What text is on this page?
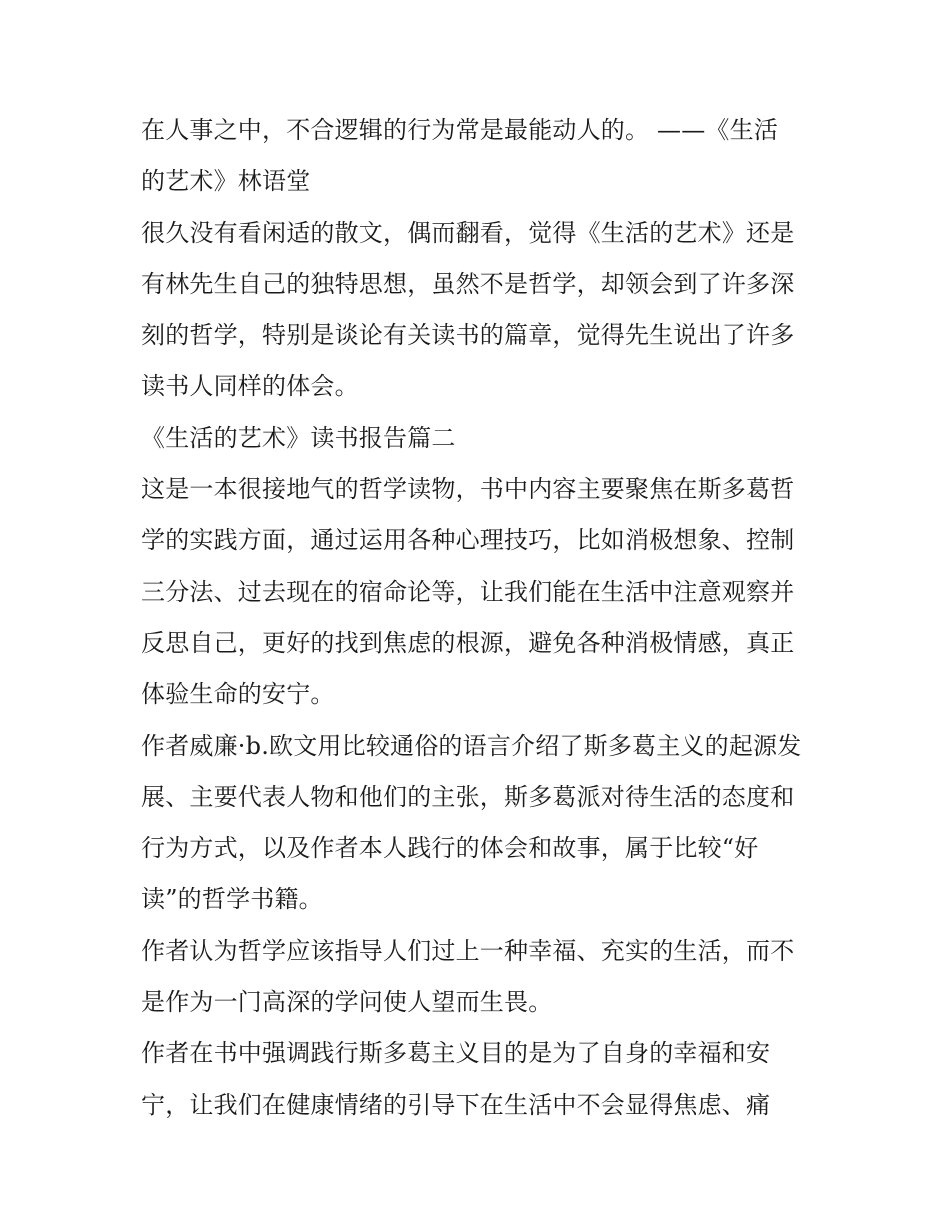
在人事之中，不合逻辑的行为常是最能动人的。 ——《生活
的艺术》林语堂
很久没有看闲适的散文，偶而翻看，觉得《生活的艺术》还是
有林先生自己的独特思想，虽然不是哲学，却领会到了许多深
刻的哲学，特别是谈论有关读书的篇章，觉得先生说出了许多
读书人同样的体会。
《生活的艺术》读书报告篇二
这是一本很接地气的哲学读物，书中内容主要聚焦在斯多葛哲
学的实践方面，通过运用各种心理技巧，比如消极想象、控制
三分法、过去现在的宿命论等，让我们能在生活中注意观察并
反思自己，更好的找到焦虑的根源，避免各种消极情感，真正
体验生命的安宁。
作者威廉·b.欧文用比较通俗的语言介绍了斯多葛主义的起源发
展、主要代表人物和他们的主张，斯多葛派对待生活的态度和
行为方式，以及作者本人践行的体会和故事，属于比较“好
读”的哲学书籍。
作者认为哲学应该指导人们过上一种幸福、充实的生活，而不
是作为一门高深的学问使人望而生畏。
作者在书中强调践行斯多葛主义目的是为了自身的幸福和安
宁，让我们在健康情绪的引导下在生活中不会显得焦虑、痛
